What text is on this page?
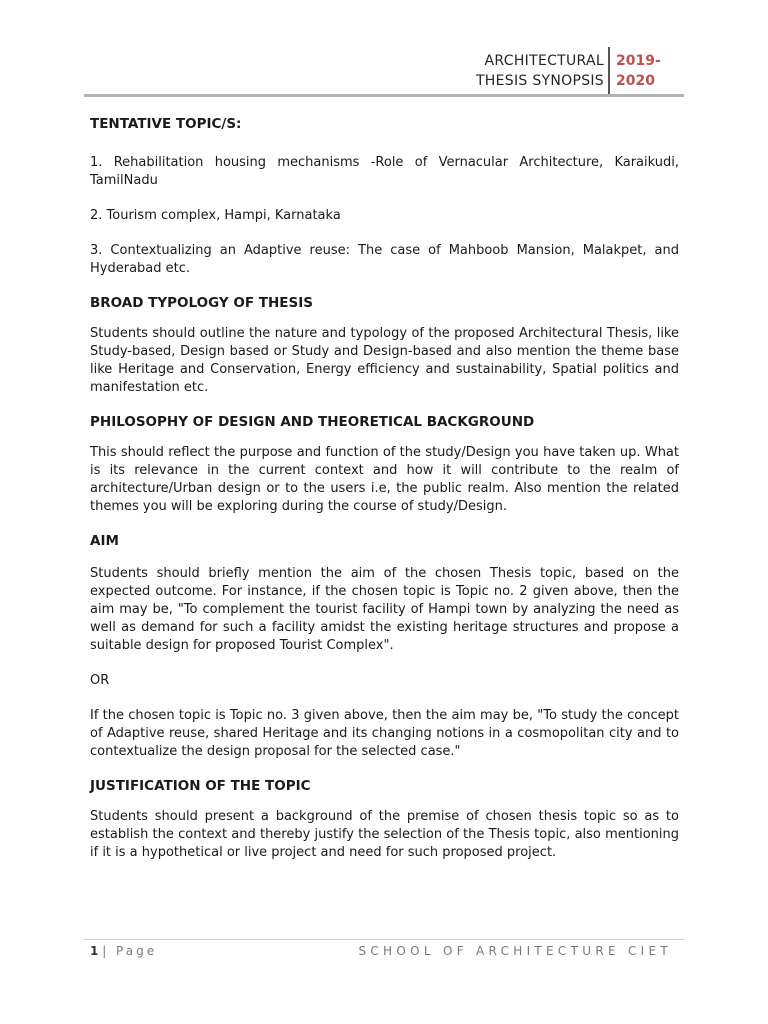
ARCHITECTURAL
THESIS SYNOPSIS
2019-
2020

TENTATIVE TOPIC/S:

1. Rehabilitation housing mechanisms -Role of Vernacular Architecture, Karaikudi, TamilNadu

2. Tourism complex, Hampi, Karnataka

3. Contextualizing an Adaptive reuse: The case of Mahboob Mansion, Malakpet, and Hyderabad etc.

BROAD TYPOLOGY OF THESIS

Students should outline the nature and typology of the proposed Architectural Thesis, like Study-based, Design based or Study and Design-based and also mention the theme base like Heritage and Conservation, Energy efficiency and sustainability, Spatial politics and manifestation etc.

PHILOSOPHY OF DESIGN AND THEORETICAL BACKGROUND

This should reflect the purpose and function of the study/Design you have taken up. What is its relevance in the current context and how it will contribute to the realm of architecture/Urban design or to the users i.e, the public realm. Also mention the related themes you will be exploring during the course of study/Design.

AIM

Students should briefly mention the aim of the chosen Thesis topic, based on the expected outcome. For instance, if the chosen topic is Topic no. 2 given above, then the aim may be, "To complement the tourist facility of Hampi town by analyzing the need as well as demand for such a facility amidst the existing heritage structures and propose a suitable design for proposed Tourist Complex".

OR

If the chosen topic is Topic no. 3 given above, then the aim may be, "To study the concept of Adaptive reuse, shared Heritage and its changing notions in a cosmopolitan city and to contextualize the design proposal for the selected case."

JUSTIFICATION OF THE TOPIC

Students should present a background of the premise of chosen thesis topic so as to establish the context and thereby justify the selection of the Thesis topic, also mentioning if it is a hypothetical or live project and need for such proposed project.

1 | Page	SCHOOL OF ARCHITECTURE CIET
